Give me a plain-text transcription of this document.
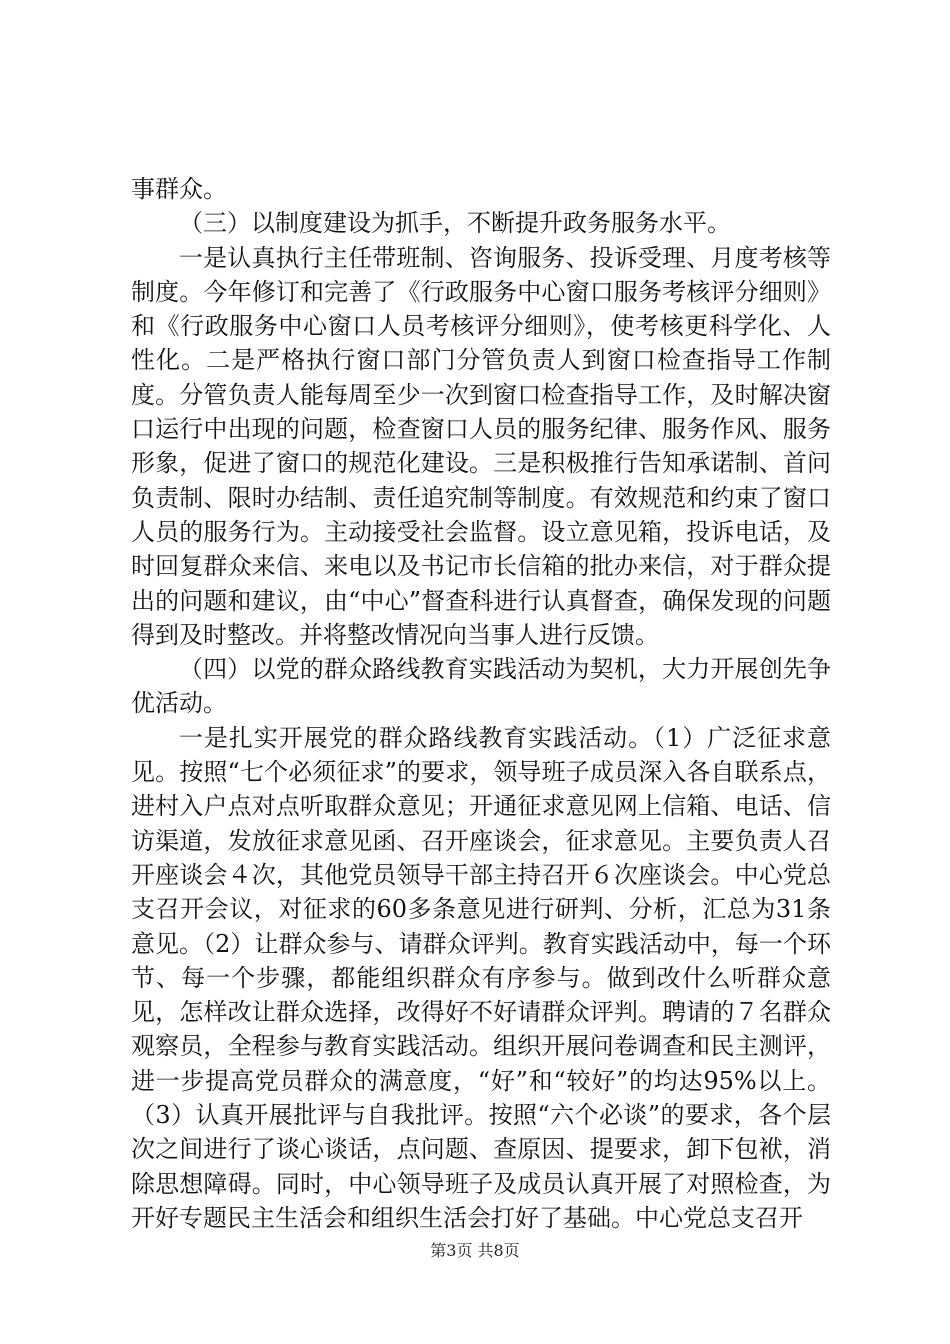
事群众。

（三）以制度建设为抓手，不断提升政务服务水平。

一是认真执行主任带班制、咨询服务、投诉受理、月度考核等制度。今年修订和完善了《行政服务中心窗口服务考核评分细则》和《行政服务中心窗口人员考核评分细则》，使考核更科学化、人性化。二是严格执行窗口部门分管负责人到窗口检查指导工作制度。分管负责人能每周至少一次到窗口检查指导工作，及时解决窗口运行中出现的问题，检查窗口人员的服务纪律、服务作风、服务形象，促进了窗口的规范化建设。三是积极推行告知承诺制、首问负责制、限时办结制、责任追究制等制度。有效规范和约束了窗口人员的服务行为。主动接受社会监督。设立意见箱，投诉电话，及时回复群众来信、来电以及书记市长信箱的批办来信，对于群众提出的问题和建议，由“中心”督查科进行认真督查，确保发现的问题得到及时整改。并将整改情况向当事人进行反馈。

（四）以党的群众路线教育实践活动为契机，大力开展创先争优活动。

一是扎实开展党的群众路线教育实践活动。（1）广泛征求意见。按照“七个必须征求”的要求，领导班子成员深入各自联系点，进村入户点对点听取群众意见；开通征求意见网上信箱、电话、信访渠道，发放征求意见函、召开座谈会，征求意见。主要负责人召开座谈会４次，其他党员领导干部主持召开６次座谈会。中心党总支召开会议，对征求的60多条意见进行研判、分析，汇总为31条意见。（2）让群众参与、请群众评判。教育实践活动中，每一个环节、每一个步骤，都能组织群众有序参与。做到改什么听群众意见，怎样改让群众选择，改得好不好请群众评判。聘请的７名群众观察员，全程参与教育实践活动。组织开展问卷调查和民主测评，进一步提高党员群众的满意度，“好”和“较好”的均达95%以上。（3）认真开展批评与自我批评。按照“六个必谈”的要求，各个层次之间进行了谈心谈话，点问题、查原因、提要求，卸下包袱，消除思想障碍。同时，中心领导班子及成员认真开展了对照检查，为开好专题民主生活会和组织生活会打好了基础。中心党总支召开

第3页 共8页
